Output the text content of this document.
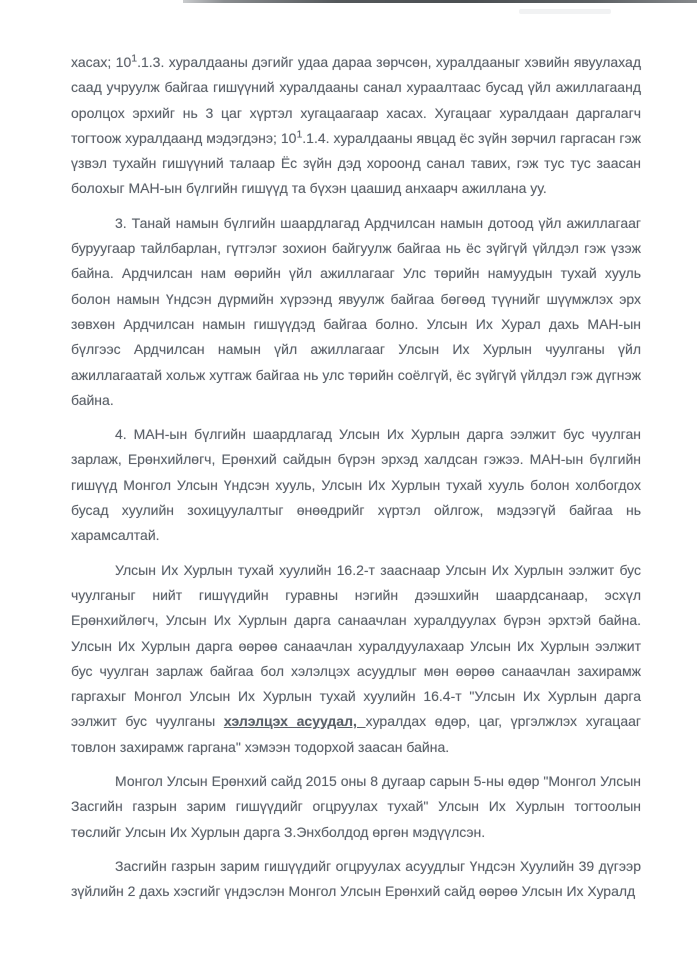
хасах; 10$^1$.1.3. хуралдааны дэгийг удаа дараа зөрчсөн, хуралдааныг хэвийн явуулахад саад учруулж байгаа гишүүний хуралдааны санал хураалтаас бусад үйл ажиллагаанд оролцох эрхийг нь 3 цаг хүртэл хугацаагаар хасах. Хугацааг хуралдаан даргалагч тогтоож хуралдаанд мэдэгдэнэ; 10$^1$.1.4. хуралдааны явцад ёс зүйн зөрчил гаргасан гэж үзвэл тухайн гишүүний талаар Ёс зүйн дэд хороонд санал тавих, гэж тус тус заасан болохыг МАН-ын бүлгийн гишүүд та бүхэн цаашид анхаарч ажиллана уу.

3. Танай намын бүлгийн шаардлагад Ардчилсан намын дотоод үйл ажиллагааг буруугаар тайлбарлан, гүтгэлэг зохион байгуулж байгаа нь ёс зүйгүй үйлдэл гэж үзэж байна. Ардчилсан нам өөрийн үйл ажиллагааг Улс төрийн намуудын тухай хууль болон намын Үндсэн дүрмийн хүрээнд явуулж байгаа бөгөөд түүнийг шүүмжлэх эрх зөвхөн Ардчилсан намын гишүүдэд байгаа болно. Улсын Их Хурал дахь МАН-ын бүлгээс Ардчилсан намын үйл ажиллагааг Улсын Их Хурлын чуулганы үйл ажиллагаатай хольж хутгаж байгаа нь улс төрийн соёлгүй, ёс зүйгүй үйлдэл гэж дүгнэж байна.

4. МАН-ын бүлгийн шаардлагад Улсын Их Хурлын дарга ээлжит бус чуулган зарлаж, Ерөнхийлөгч, Ерөнхий сайдын бүрэн эрхэд халдсан гэжээ. МАН-ын бүлгийн гишүүд Монгол Улсын Үндсэн хууль, Улсын Их Хурлын тухай хууль болон холбогдох бусад хуулийн зохицуулалтыг өнөөдрийг хүртэл ойлгож, мэдээгүй байгаа нь харамсалтай.

Улсын Их Хурлын тухай хуулийн 16.2-т зааснаар Улсын Их Хурлын ээлжит бус чуулганыг нийт гишүүдийн гуравны нэгийн дээшхийн шаардсанаар, эсхүл Ерөнхийлөгч, Улсын Их Хурлын дарга санаачлан хуралдуулах бүрэн эрхтэй байна. Улсын Их Хурлын дарга өөрөө санаачлан хуралдуулахаар Улсын Их Хурлын ээлжит бус чуулган зарлаж байгаа бол хэлэлцэх асуудлыг мөн өөрөө санаачлан захирамж гаргахыг Монгол Улсын Их Хурлын тухай хуулийн 16.4-т "Улсын Их Хурлын дарга ээлжит бус чуулганы хэлэлцэх асуудал, хуралдах өдөр, цаг, үргэлжлэх хугацааг товлон захирамж гаргана" хэмээн тодорхой заасан байна.

Монгол Улсын Ерөнхий сайд 2015 оны 8 дугаар сарын 5-ны өдөр "Монгол Улсын Засгийн газрын зарим гишүүдийг огцруулах тухай" Улсын Их Хурлын тогтоолын төслийг Улсын Их Хурлын дарга З.Энхболдод өргөн мэдүүлсэн.

Засгийн газрын зарим гишүүдийг огцруулах асуудлыг Үндсэн Хуулийн 39 дүгээр зүйлийн 2 дахь хэсгийг үндэслэн Монгол Улсын Ерөнхий сайд өөрөө Улсын Их Хуралд
